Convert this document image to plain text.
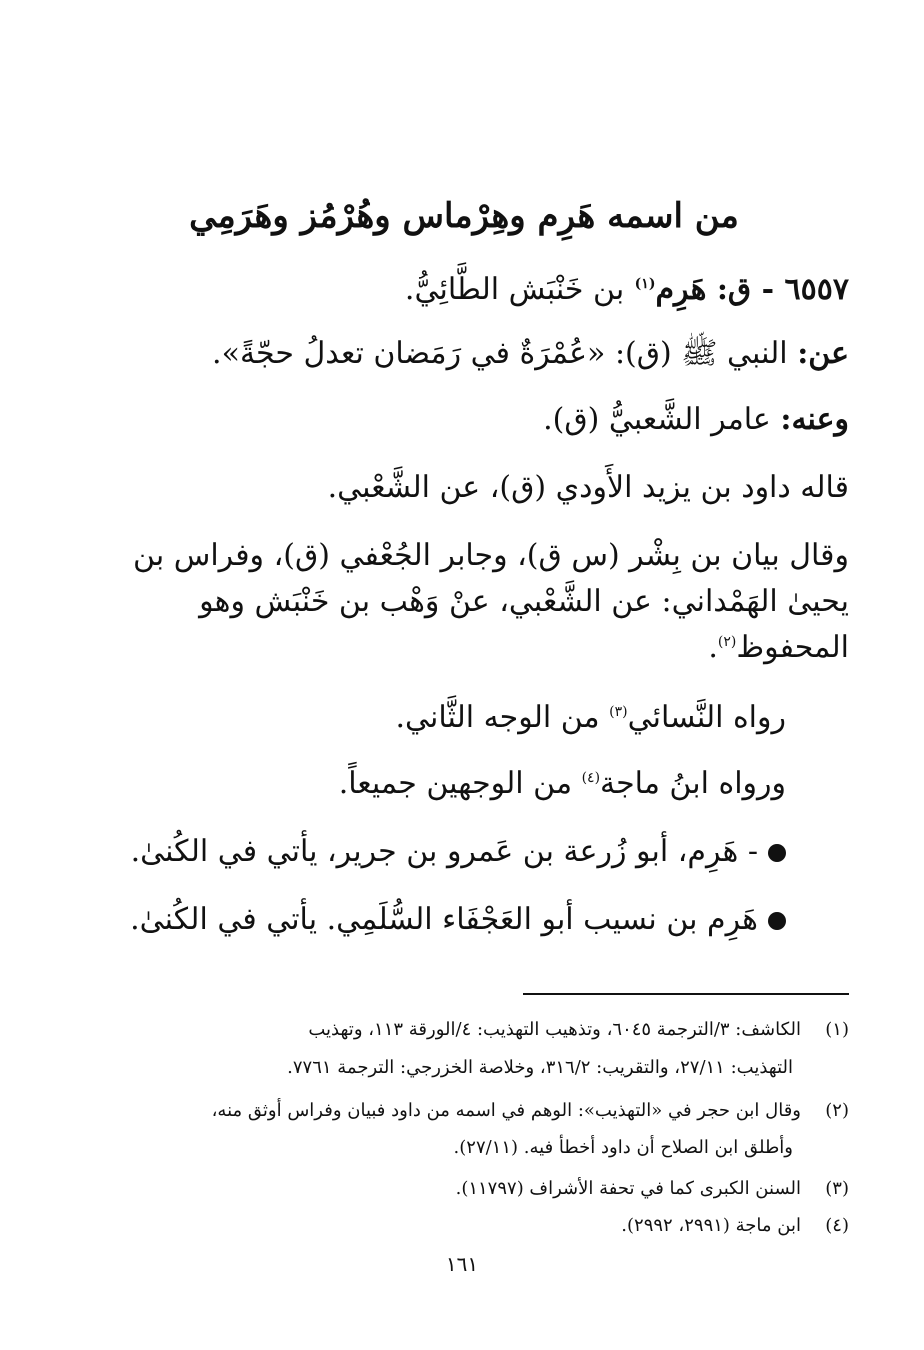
من اسمه هَرِم وهِرْماس وهُرْمُز وهَرَمِي

٦٥٥٧ - ق: هَرِم$^{(١)}$ بن خَنْبَش الطَّائِيُّ.

عن: النبي ﷺ (ق): «عُمْرَةٌ في رَمَضان تعدلُ حجّةً».

وعنه: عامر الشَّعبيُّ (ق).

قاله داود بن يزيد الأَودي (ق)، عن الشَّعْبي.

وقال بيان بن بِشْر (س ق)، وجابر الجُعْفي (ق)، وفراس بن

يحيىٰ الهَمْداني: عن الشَّعْبي، عنْ وَهْب بن خَنْبَش وهو

المحفوظ$^{(٢)}$.

رواه النَّسائي$^{(٣)}$ من الوجه الثَّاني.

ورواه ابنُ ماجة$^{(٤)}$ من الوجهين جميعاً.

- هَرِم، أبو زُرعة بن عَمرو بن جرير، يأتي في الكُنىٰ.

هَرِم بن نسيب أبو العَجْفَاء السُّلَمِي. يأتي في الكُنىٰ.

(١)الكاشف: ٣/الترجمة ٦٠٤٥، وتذهيب التهذيب: ٤/الورقة ١١٣، وتهذيب

التهذيب: ٢٧/١١، والتقريب: ٣١٦/٢، وخلاصة الخزرجي: الترجمة ٧٧٦١.

(٢)وقال ابن حجر في «التهذيب»: الوهم في اسمه من داود فبيان وفراس أوثق منه،

وأطلق ابن الصلاح أن داود أخطأ فيه. (٢٧/١١).

(٣)السنن الكبرى كما في تحفة الأشراف (١١٧٩٧).

(٤)ابن ماجة (٢٩٩١، ٢٩٩٢).

١٦١
